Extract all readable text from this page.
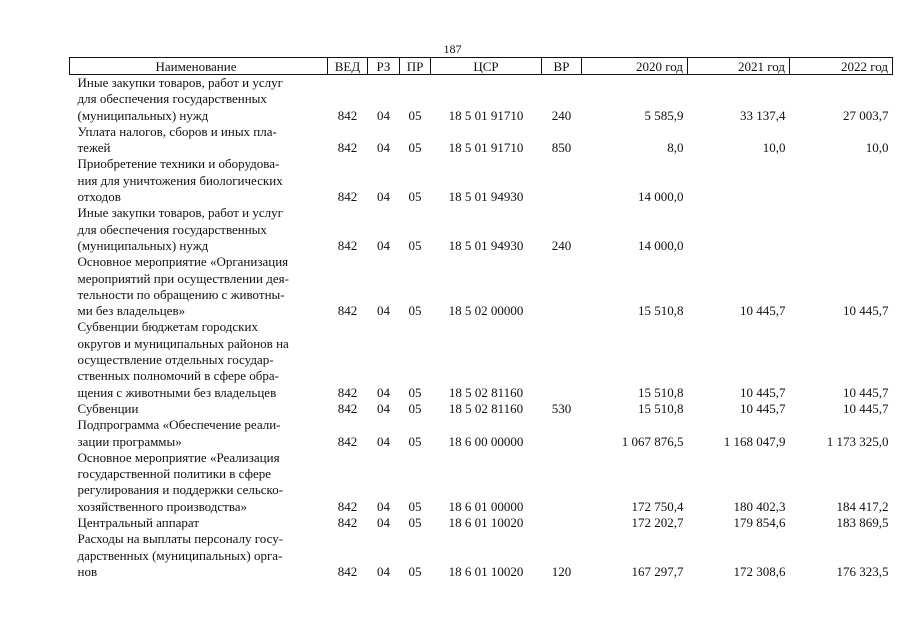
187
Наименование	ВЕД	РЗ	ПР	ЦСР	ВР	2020 год	2021 год	2022 год
Иные закупки товаров, работ и услуг
для обеспечения государственных
(муниципальных) нужд	842	04	05	18 5 01 91710	240	5 585,9	33 137,4	27 003,7
Уплата налогов, сборов и иных пла-
тежей	842	04	05	18 5 01 91710	850	8,0	10,0	10,0
Приобретение техники и оборудова-
ния для уничтожения биологических
отходов	842	04	05	18 5 01 94930		14 000,0		
Иные закупки товаров, работ и услуг
для обеспечения государственных
(муниципальных) нужд	842	04	05	18 5 01 94930	240	14 000,0		
Основное мероприятие «Организация
мероприятий при осуществлении дея-
тельности по обращению с животны-
ми без владельцев»	842	04	05	18 5 02 00000		15 510,8	10 445,7	10 445,7
Субвенции бюджетам городских
округов и муниципальных районов на
осуществление отдельных государ-
ственных полномочий в сфере обра-
щения с животными без владельцев	842	04	05	18 5 02 81160		15 510,8	10 445,7	10 445,7
Субвенции	842	04	05	18 5 02 81160	530	15 510,8	10 445,7	10 445,7
Подпрограмма «Обеспечение реали-
зации программы»	842	04	05	18 6 00 00000		1 067 876,5	1 168 047,9	1 173 325,0
Основное мероприятие «Реализация
государственной политики в сфере
регулирования и поддержки сельско-
хозяйственного производства»	842	04	05	18 6 01 00000		172 750,4	180 402,3	184 417,2
Центральный аппарат	842	04	05	18 6 01 10020		172 202,7	179 854,6	183 869,5
Расходы на выплаты персоналу госу-
дарственных (муниципальных) орга-
нов	842	04	05	18 6 01 10020	120	167 297,7	172 308,6	176 323,5
